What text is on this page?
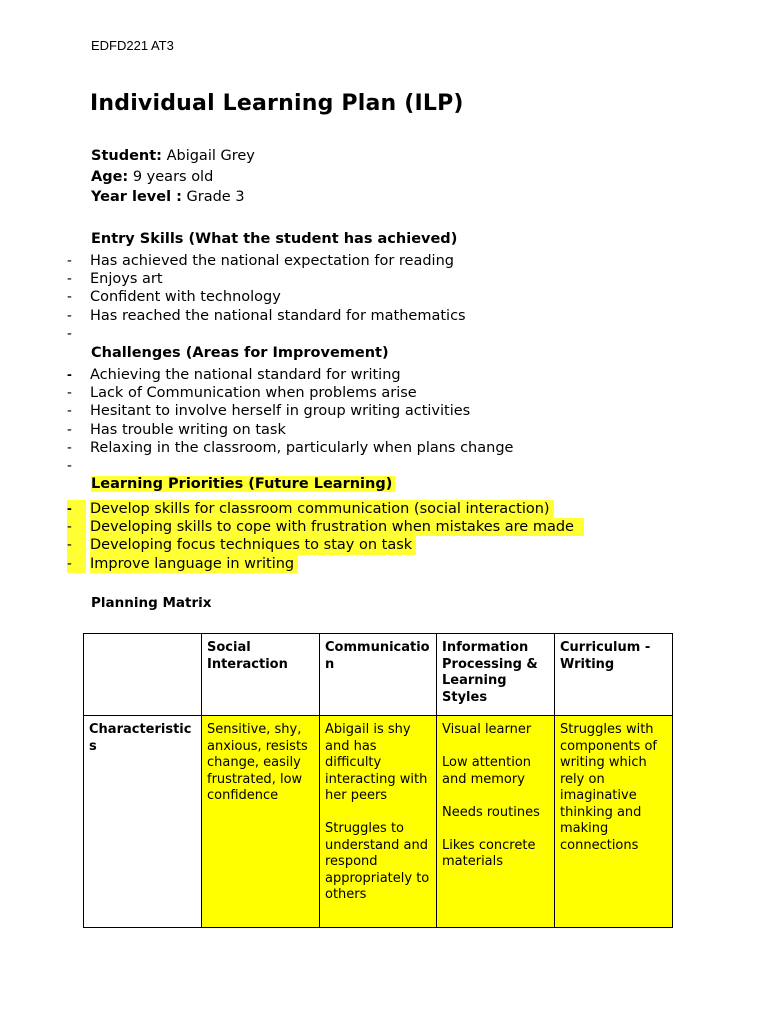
EDFD221 AT3
Individual Learning Plan (ILP)
Student: Abigail Grey
Age: 9 years old
Year level : Grade 3
Entry Skills (What the student has achieved)
- Has achieved the national expectation for reading
- Enjoys art
- Confident with technology
- Has reached the national standard for mathematics
-
Challenges (Areas for Improvement)
- Achieving the national standard for writing
- Lack of Communication when problems arise
- Hesitant to involve herself in group writing activities
- Has trouble writing on task
- Relaxing in the classroom, particularly when plans change
-
Learning Priorities (Future Learning)
-	Develop skills for classroom communication (social interaction)
-	Developing skills to cope with frustration when mistakes are made
-	Developing focus techniques to stay on task
-	Improve language in writing
Planning Matrix
	Social Interaction	Communication	Information Processing & Learning Styles	Curriculum - Writing
Characteristics	Sensitive, shy, anxious, resists change, easily frustrated, low confidence	Abigail is shy and has difficulty interacting with her peers
Struggles to understand and respond appropriately to others	Visual learner
Low attention and memory
Needs routines
Likes concrete materials	Struggles with components of writing which rely on imaginative thinking and making connections
